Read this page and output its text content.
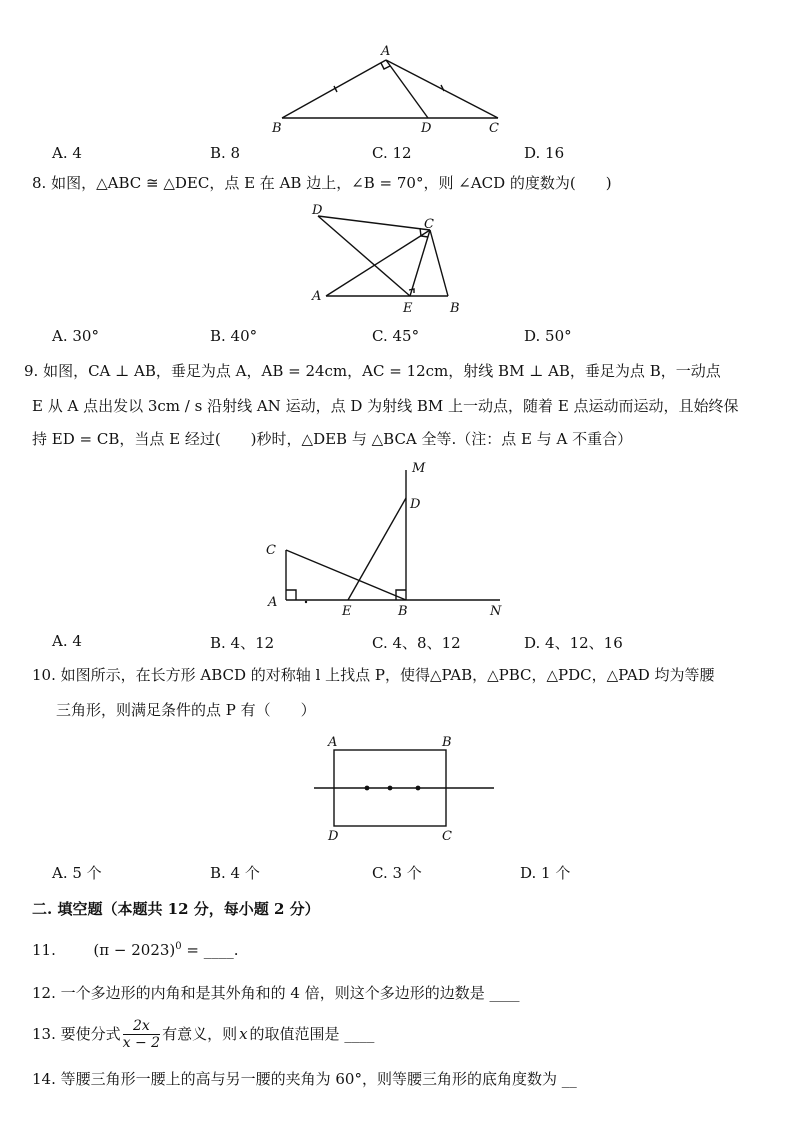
A
B	D	C
A. 4	B. 8	C. 12	D. 16
8. 如图，△ABC ≅ △DEC，点 E 在 AB 边上，∠B = 70°，则 ∠ACD 的度数为(　　)
D
C
A
E	B
A. 30°	B. 40°	C. 45°	D. 50°
9. 如图，CA ⊥ AB，垂足为点 A，AB = 24cm，AC = 12cm，射线 BM ⊥ AB，垂足为点 B，一动点
E 从 A 点出发以 3cm / s 沿射线 AN 运动，点 D 为射线 BM 上一动点，随着 E 点运动而运动，且始终保
持 ED = CB，当点 E 经过(　　)秒时，△DEB 与 △BCA 全等.（注：点 E 与 A 不重合）
M
D
C
A
E	B	N
A. 4	B. 4、12	C. 4、8、12	D. 4、12、16
10. 如图所示，在长方形 ABCD 的对称轴 l 上找点 P，使得△PAB，△PBC，△PDC，△PAD 均为等腰
三角形，则满足条件的点 P 有（　　）
A	B
D	C
A. 5 个	B. 4 个	C. 3 个	D. 1 个
二. 填空题（本题共 12 分，每小题 2 分）
11.	$(\pi - 2023)^0$ = ____.
12. 一个多边形的内角和是其外角和的 4 倍，则这个多边形的边数是 ____
13. 要使分式 $\frac{2x}{x - 2}$ 有意义，则 x 的取值范围是 ____
14. 等腰三角形一腰上的高与另一腰的夹角为 60°，则等腰三角形的底角度数为 __
